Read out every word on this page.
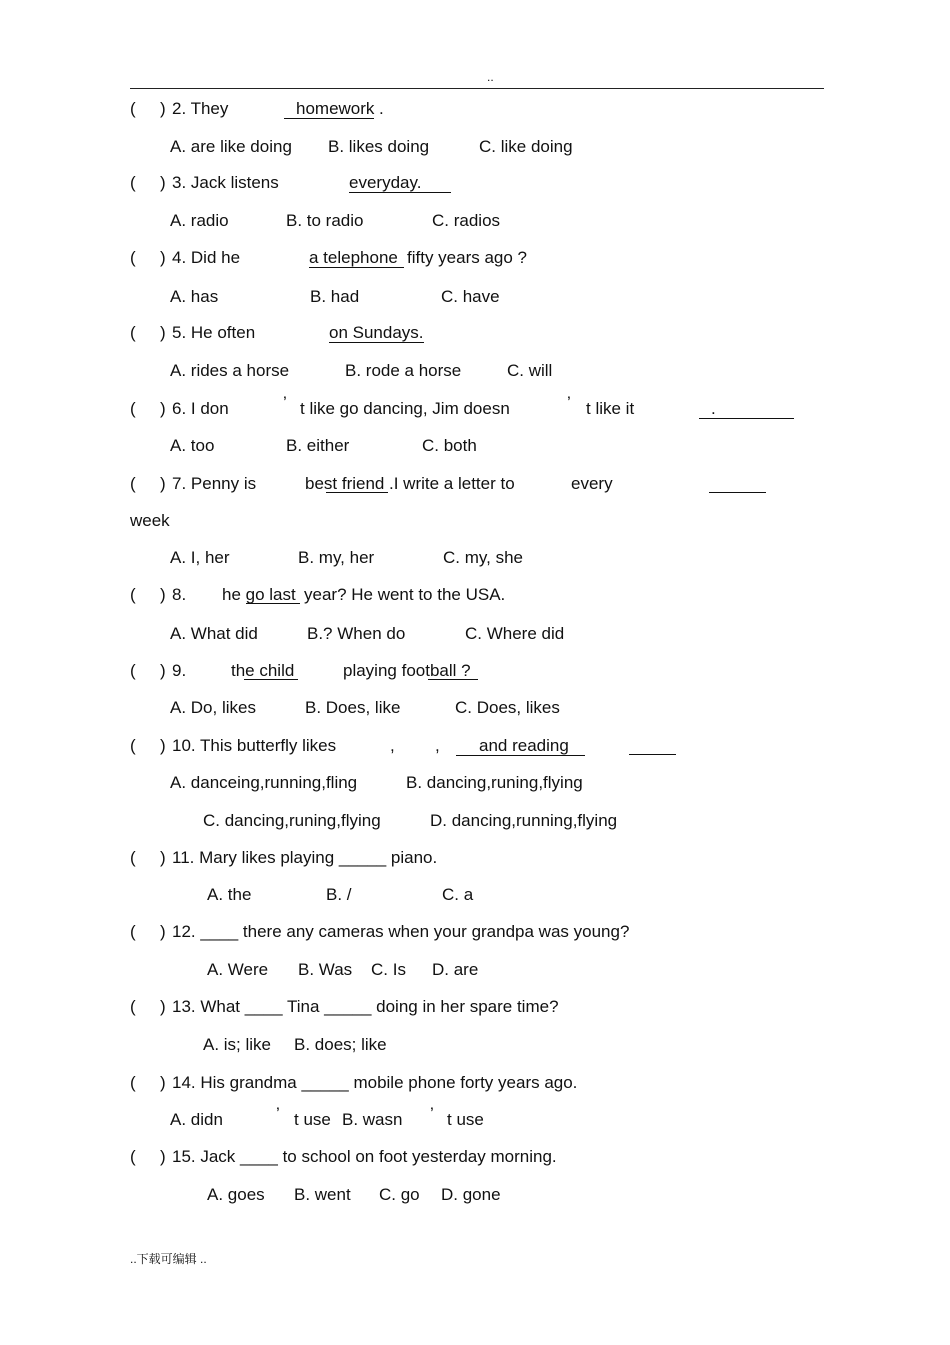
..
( ) 2. They	homework .
A. are like doing B. likes doing	C. like doing
( ) 3. Jack listens	everyday.
A. radio	B. to radio	C. radios
( ) 4. Did he	a telephone fifty years ago ?
A. has	B. had	C. have
( ) 5. He often	on Sundays.
A. rides a horse	B. rode a horse	C. will
( ) 6. I don	’ t like go dancing, Jim doesn	’ t like it	.
A. too	B. either	C. both
( ) 7. Penny is	best friend .I write a letter to	every
week
A. I, her	B. my, her	C. my, she
( ) 8. he go last year? He went to the USA.
A. What did	B.? When do	C. Where did
( ) 9.	the child	playing football ?
A. Do, likes	B. Does, like	C. Does, likes
( ) 10. This butterfly likes	, ,	and reading
A. danceing,running,fling	B. dancing,runing,flying
C. dancing,runing,flying	D. dancing,running,flying
( ) 11. Mary likes playing _____ piano.
A. the	B. /	C. a
( ) 12. ____ there any cameras when your grandpa was young?
A. Were B. Was C. Is D. are
( ) 13. What ____ Tina _____ doing in her spare time?
A. is; like B. does; like
( ) 14. His grandma _____ mobile phone forty years ago.
A. didn	’ t use B. wasn ’ t use
( ) 15. Jack ____ to school on foot yesterday morning.
A. goes B. went C. go D. gone
..下载可编辑 ..
